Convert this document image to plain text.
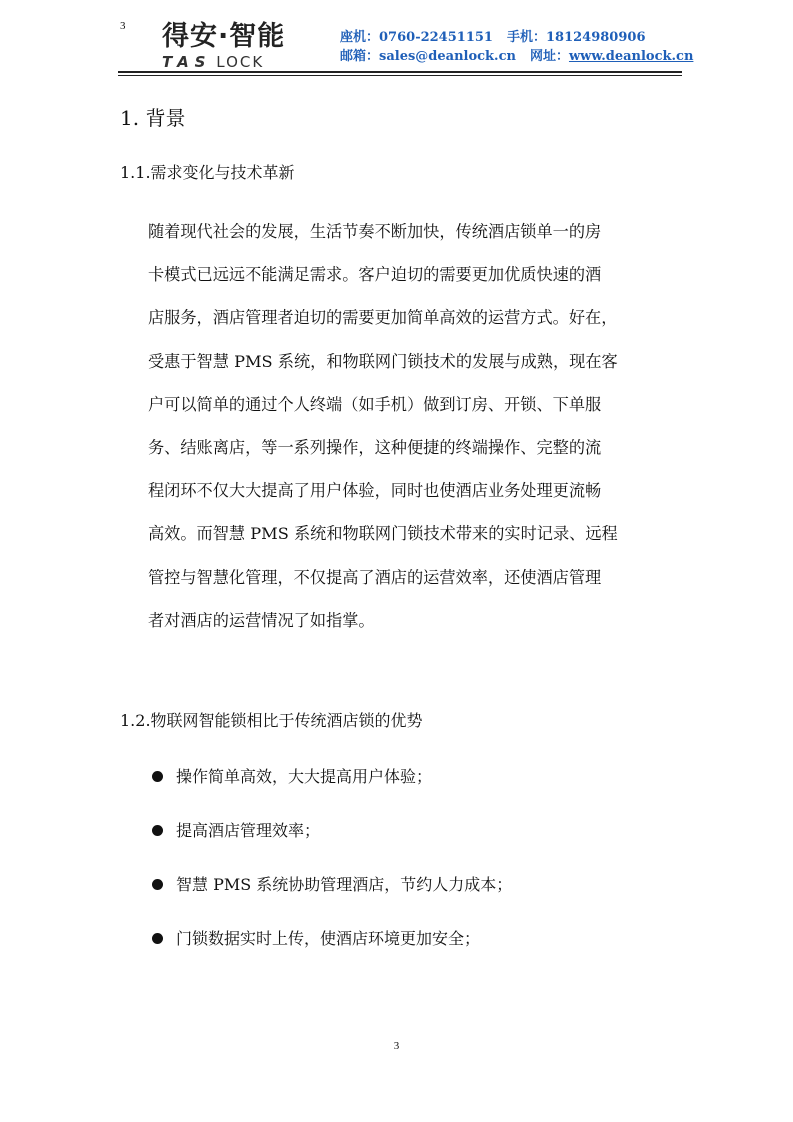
3 得安·智能
TAS LOCK
座机：0760-22451151 手机：18124980906
邮箱：sales@deanlock.cn 网址：www.deanlock.cn
1. 背景
1.1.需求变化与技术革新
随着现代社会的发展，生活节奏不断加快，传统酒店锁单一的房
卡模式已远远不能满足需求。客户迫切的需要更加优质快速的酒
店服务，酒店管理者迫切的需要更加简单高效的运营方式。好在，
受惠于智慧 PMS 系统，和物联网门锁技术的发展与成熟，现在客
户可以简单的通过个人终端（如手机）做到订房、开锁、下单服
务、结账离店，等一系列操作，这种便捷的终端操作、完整的流
程闭环不仅大大提高了用户体验，同时也使酒店业务处理更流畅
高效。而智慧 PMS 系统和物联网门锁技术带来的实时记录、远程
管控与智慧化管理，不仅提高了酒店的运营效率，还使酒店管理
者对酒店的运营情况了如指掌。
1.2.物联网智能锁相比于传统酒店锁的优势
操作简单高效，大大提高用户体验；
提高酒店管理效率；
智慧 PMS 系统协助管理酒店，节约人力成本；
门锁数据实时上传，使酒店环境更加安全；
3
